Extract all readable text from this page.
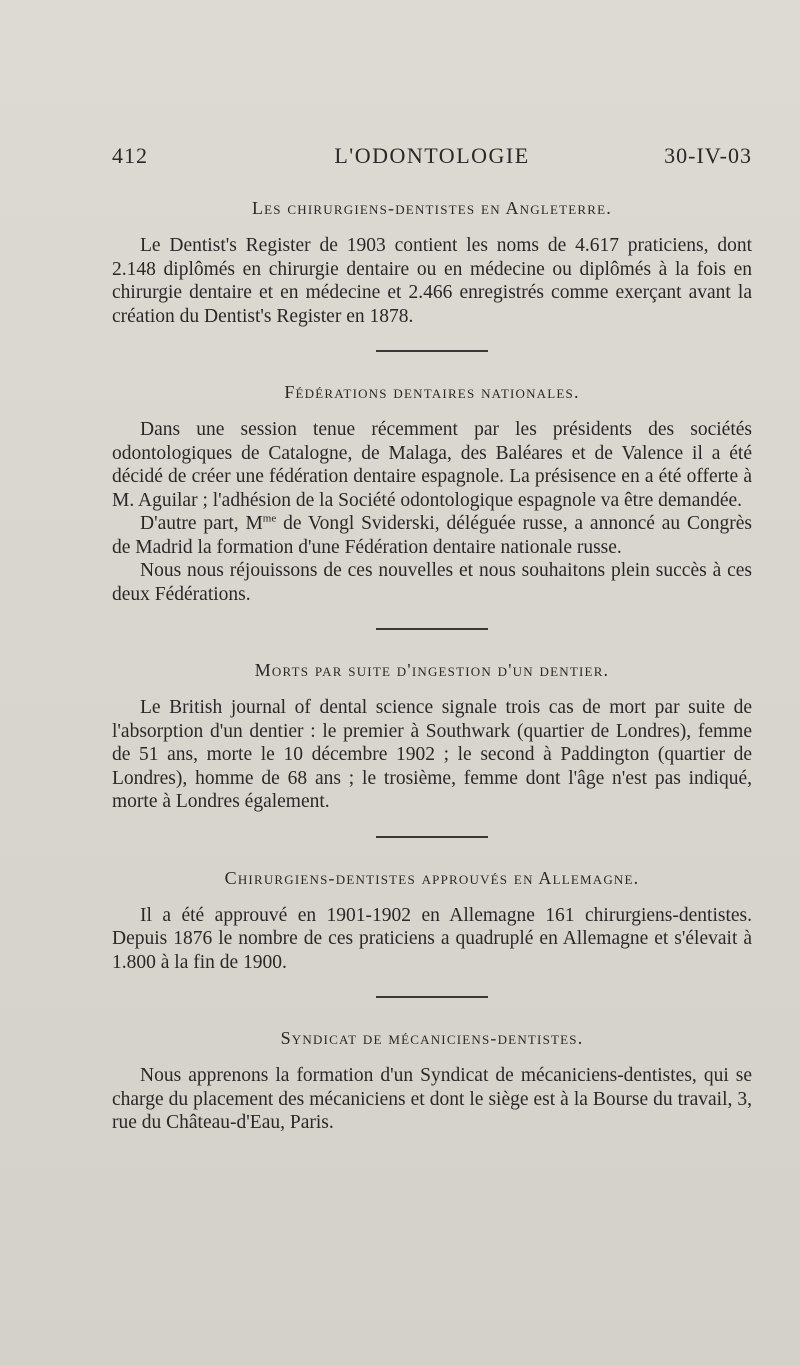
412	L'ODONTOLOGIE	30-IV-03
Les chirurgiens-dentistes en Angleterre.

Le Dentist's Register de 1903 contient les noms de 4.617 praticiens, dont 2.148 diplômés en chirurgie dentaire ou en médecine ou diplômés à la fois en chirurgie dentaire et en médecine et 2.466 enregistrés comme exerçant avant la création du Dentist's Register en 1878.

Fédérations dentaires nationales.

Dans une session tenue récemment par les présidents des sociétés odontologiques de Catalogne, de Malaga, des Baléares et de Valence il a été décidé de créer une fédération dentaire espagnole. La présisence en a été offerte à M. Aguilar ; l'adhésion de la Société odontologique espagnole va être demandée.

D'autre part, $M^{me}$ de Vongl Sviderski, déléguée russe, a annoncé au Congrès de Madrid la formation d'une Fédération dentaire nationale russe.

Nous nous réjouissons de ces nouvelles et nous souhaitons plein succès à ces deux Fédérations.

Morts par suite d'ingestion d'un dentier.

Le British journal of dental science signale trois cas de mort par suite de l'absorption d'un dentier : le premier à Southwark (quartier de Londres), femme de 51 ans, morte le 10 décembre 1902 ; le second à Paddington (quartier de Londres), homme de 68 ans ; le trosième, femme dont l'âge n'est pas indiqué, morte à Londres également.

Chirurgiens-dentistes approuvés en Allemagne.

Il a été approuvé en 1901-1902 en Allemagne 161 chirurgiens-dentistes. Depuis 1876 le nombre de ces praticiens a quadruplé en Allemagne et s'élevait à 1.800 à la fin de 1900.

Syndicat de mécaniciens-dentistes.

Nous apprenons la formation d'un Syndicat de mécaniciens-dentistes, qui se charge du placement des mécaniciens et dont le siège est à la Bourse du travail, 3, rue du Château-d'Eau, Paris.
